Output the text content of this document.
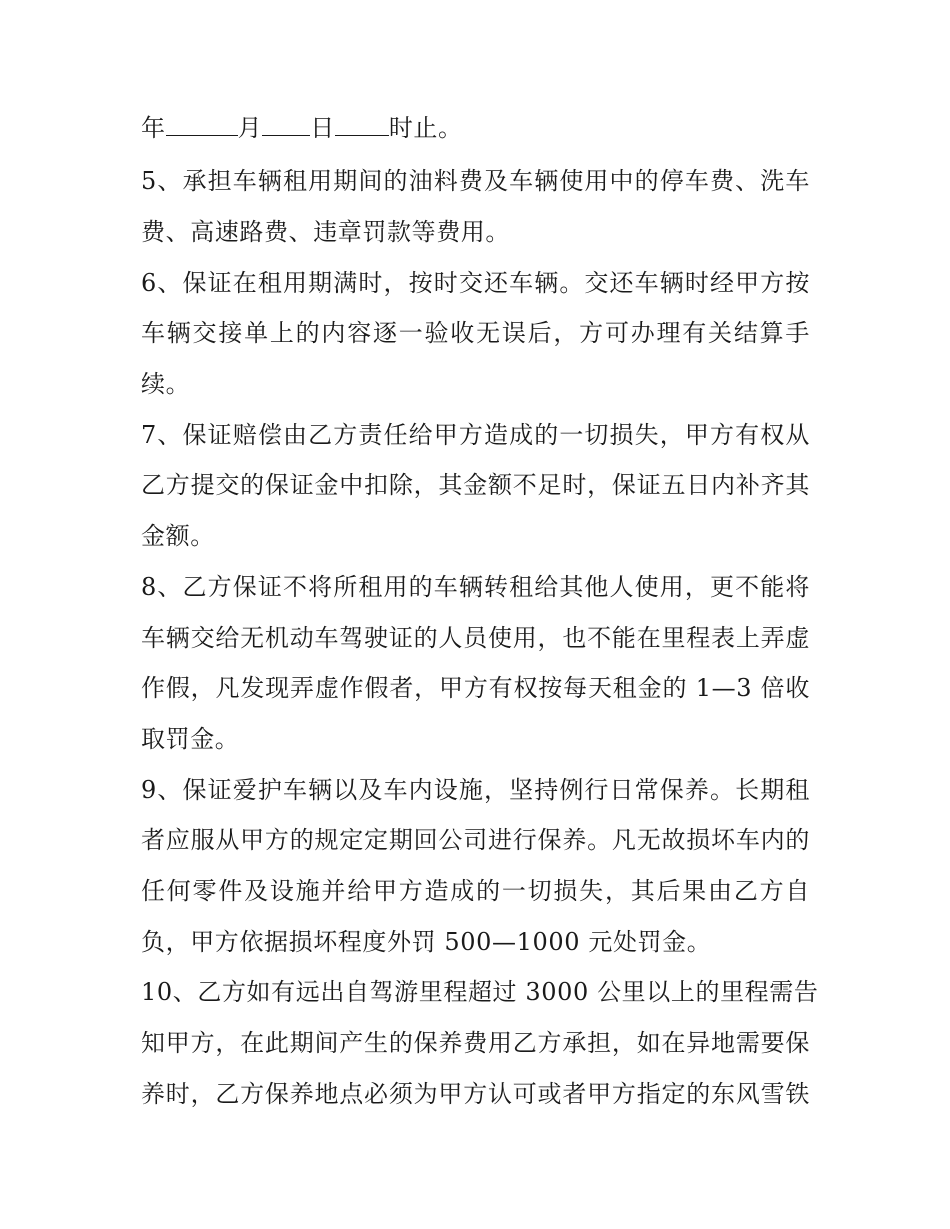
年	月 日 时止。
5、承担车辆租用期间的油料费及车辆使用中的停车费、洗车
费、高速路费、违章罚款等费用。
6、保证在租用期满时，按时交还车辆。交还车辆时经甲方按
车辆交接单上的内容逐一验收无误后，方可办理有关结算手
续。
7、保证赔偿由乙方责任给甲方造成的一切损失，甲方有权从
乙方提交的保证金中扣除，其金额不足时，保证五日内补齐其
金额。
8、乙方保证不将所租用的车辆转租给其他人使用，更不能将
车辆交给无机动车驾驶证的人员使用，也不能在里程表上弄虚
作假，凡发现弄虚作假者，甲方有权按每天租金的 1—3 倍收
取罚金。
9、保证爱护车辆以及车内设施，坚持例行日常保养。长期租
者应服从甲方的规定定期回公司进行保养。凡无故损坏车内的
任何零件及设施并给甲方造成的一切损失，其后果由乙方自
负，甲方依据损坏程度外罚 500—1000 元处罚金。
10、乙方如有远出自驾游里程超过 3000 公里以上的里程需告
知甲方，在此期间产生的保养费用乙方承担，如在异地需要保
养时，乙方保养地点必须为甲方认可或者甲方指定的东风雪铁
